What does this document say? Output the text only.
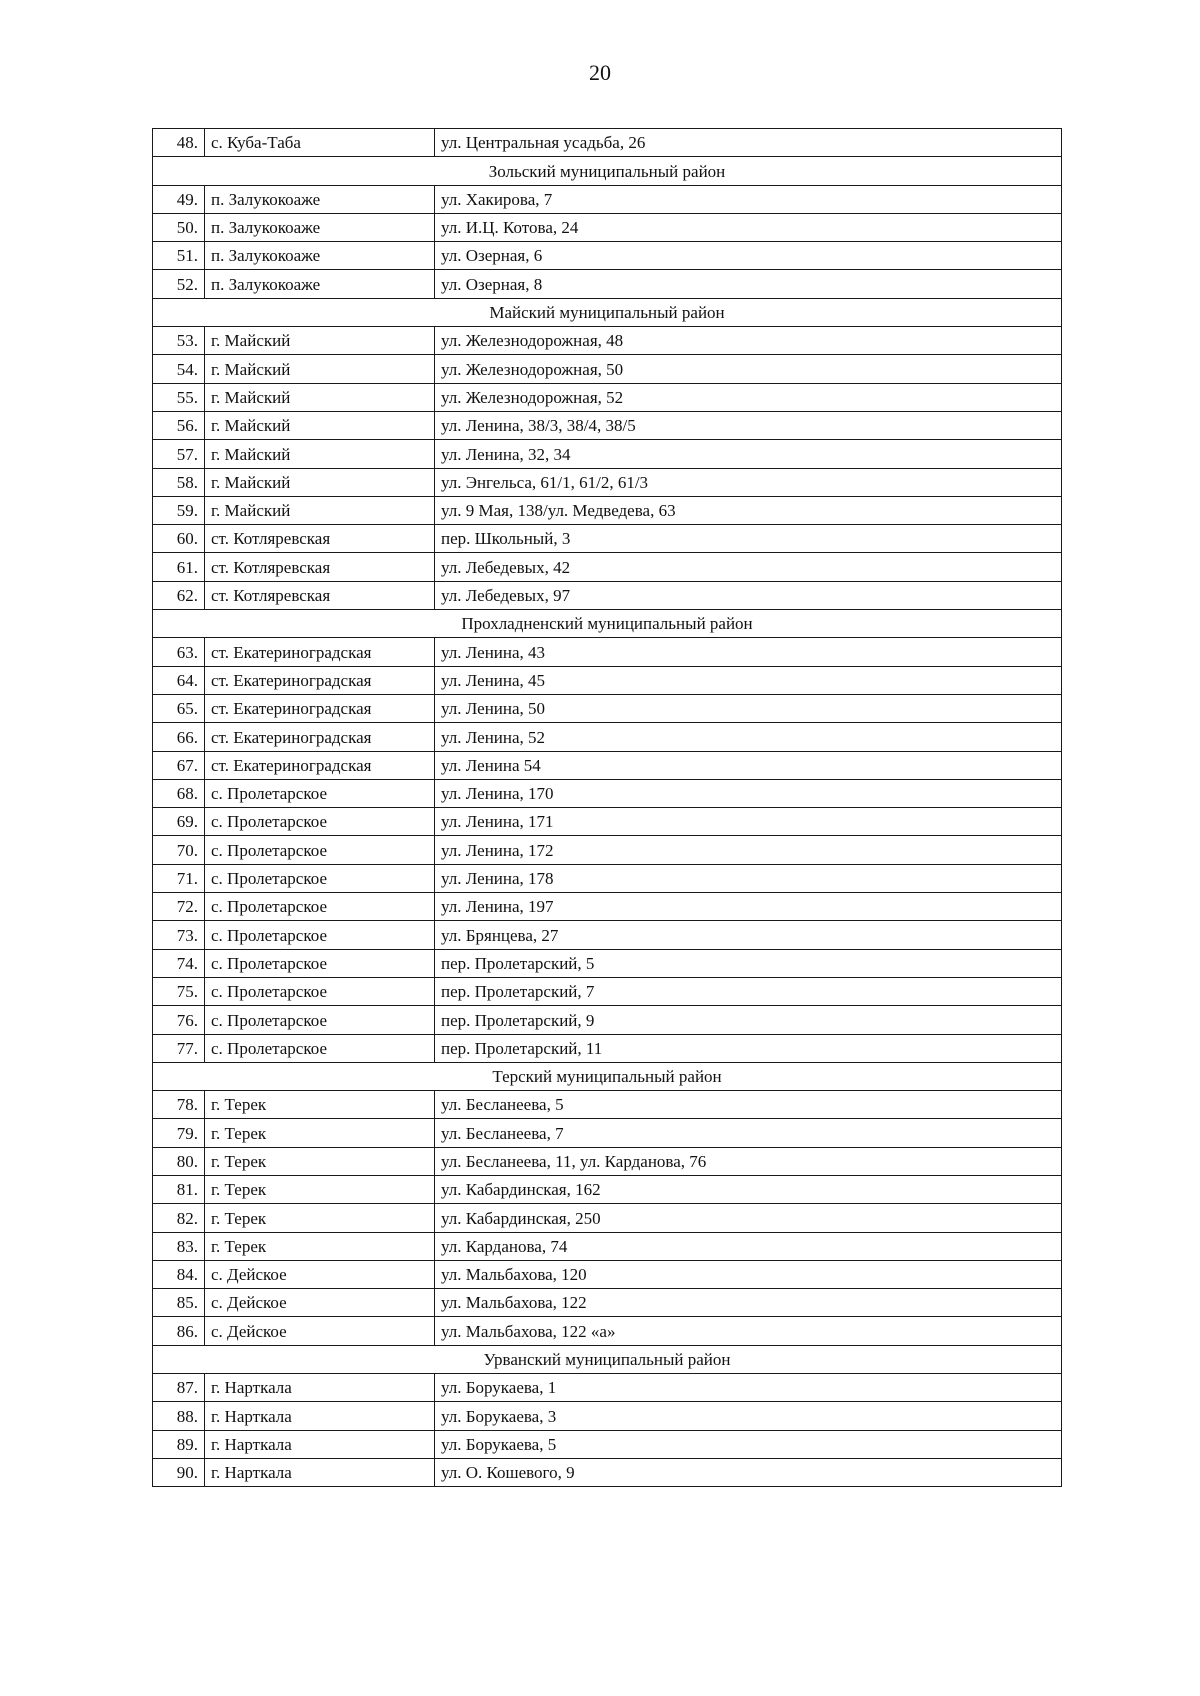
20
48.	с. Куба-Таба	ул. Центральная усадьба, 26
Зольский муниципальный район		
49.	п. Залукокоаже	ул. Хакирова, 7
50.	п. Залукокоаже	ул. И.Ц. Котова, 24
51.	п. Залукокоаже	ул. Озерная, 6
52.	п. Залукокоаже	ул. Озерная, 8
Майский муниципальный район		
53.	г. Майский	ул. Железнодорожная, 48
54.	г. Майский	ул. Железнодорожная, 50
55.	г. Майский	ул. Железнодорожная, 52
56.	г. Майский	ул. Ленина, 38/3, 38/4, 38/5
57.	г. Майский	ул. Ленина, 32, 34
58.	г. Майский	ул. Энгельса, 61/1, 61/2, 61/3
59.	г. Майский	ул. 9 Мая, 138/ул. Медведева, 63
60.	ст. Котляревская	пер. Школьный, 3
61.	ст. Котляревская	ул. Лебедевых, 42
62.	ст. Котляревская	ул. Лебедевых, 97
Прохладненский муниципальный район		
63.	ст. Екатериноградская	ул. Ленина, 43
64.	ст. Екатериноградская	ул. Ленина, 45
65.	ст. Екатериноградская	ул. Ленина, 50
66.	ст. Екатериноградская	ул. Ленина, 52
67.	ст. Екатериноградская	ул. Ленина 54
68.	с. Пролетарское	ул. Ленина, 170
69.	с. Пролетарское	ул. Ленина, 171
70.	с. Пролетарское	ул. Ленина, 172
71.	с. Пролетарское	ул. Ленина, 178
72.	с. Пролетарское	ул. Ленина, 197
73.	с. Пролетарское	ул. Брянцева, 27
74.	с. Пролетарское	пер. Пролетарский, 5
75.	с. Пролетарское	пер. Пролетарский, 7
76.	с. Пролетарское	пер. Пролетарский, 9
77.	с. Пролетарское	пер. Пролетарский, 11
Терский муниципальный район		
78.	г. Терек	ул. Бесланеева, 5
79.	г. Терек	ул. Бесланеева, 7
80.	г. Терек	ул. Бесланеева, 11, ул. Карданова, 76
81.	г. Терек	ул. Кабардинская, 162
82.	г. Терек	ул. Кабардинская, 250
83.	г. Терек	ул. Карданова, 74
84.	с. Дейское	ул. Мальбахова, 120
85.	с. Дейское	ул. Мальбахова, 122
86.	с. Дейское	ул. Мальбахова, 122 «а»
Урванский муниципальный район		
87.	г. Нарткала	ул. Борукаева, 1
88.	г. Нарткала	ул. Борукаева, 3
89.	г. Нарткала	ул. Борукаева, 5
90.	г. Нарткала	ул. О. Кошевого, 9
